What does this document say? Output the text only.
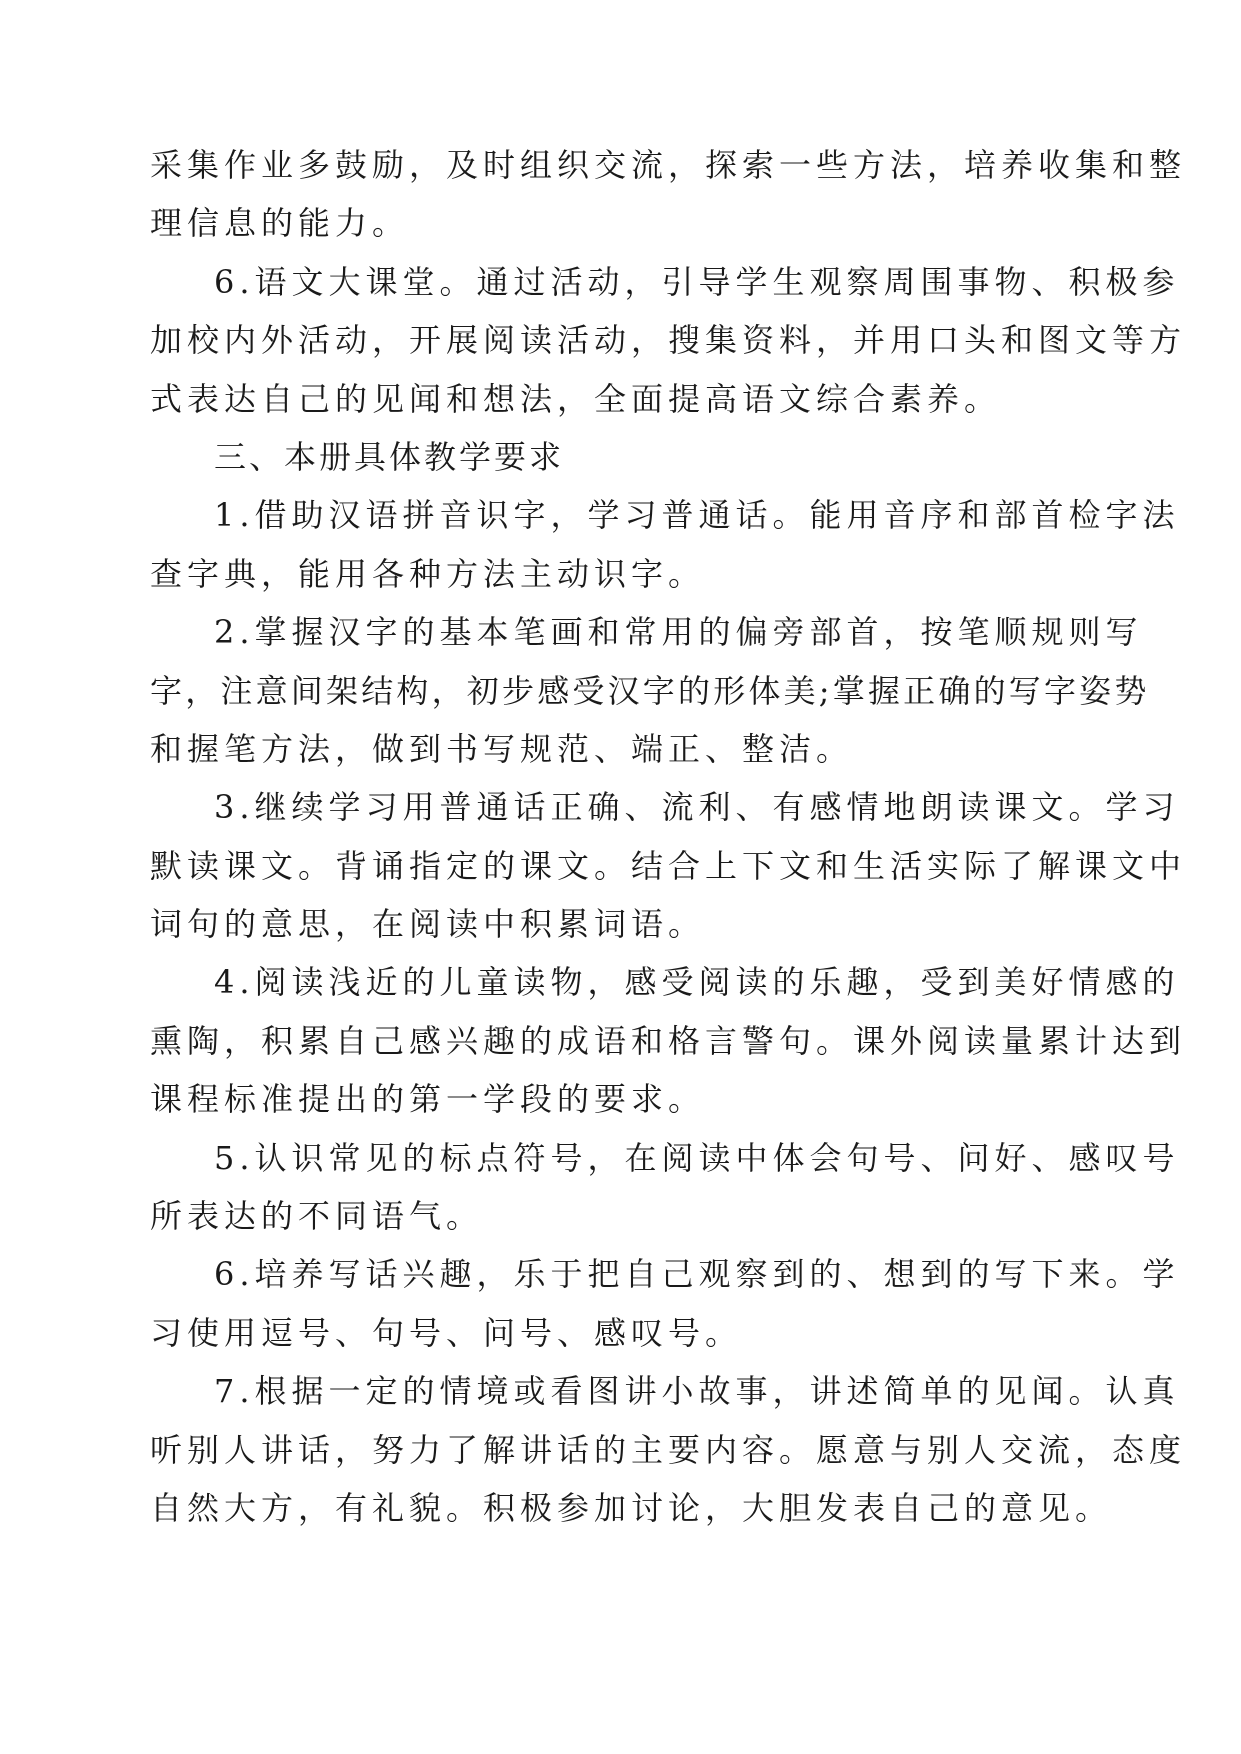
采集作业多鼓励，及时组织交流，探索一些方法，培养收集和整
理信息的能力。
6.语文大课堂。通过活动，引导学生观察周围事物、积极参
加校内外活动，开展阅读活动，搜集资料，并用口头和图文等方
式表达自己的见闻和想法，全面提高语文综合素养。
三、本册具体教学要求
1.借助汉语拼音识字，学习普通话。能用音序和部首检字法
查字典，能用各种方法主动识字。
2.掌握汉字的基本笔画和常用的偏旁部首，按笔顺规则写
字，注意间架结构，初步感受汉字的形体美;掌握正确的写字姿势
和握笔方法，做到书写规范、端正、整洁。
3.继续学习用普通话正确、流利、有感情地朗读课文。学习
默读课文。背诵指定的课文。结合上下文和生活实际了解课文中
词句的意思，在阅读中积累词语。
4.阅读浅近的儿童读物，感受阅读的乐趣，受到美好情感的
熏陶，积累自己感兴趣的成语和格言警句。课外阅读量累计达到
课程标准提出的第一学段的要求。
5.认识常见的标点符号，在阅读中体会句号、问好、感叹号
所表达的不同语气。
6.培养写话兴趣，乐于把自己观察到的、想到的写下来。学
习使用逗号、句号、问号、感叹号。
7.根据一定的情境或看图讲小故事，讲述简单的见闻。认真
听别人讲话，努力了解讲话的主要内容。愿意与别人交流，态度
自然大方，有礼貌。积极参加讨论，大胆发表自己的意见。
